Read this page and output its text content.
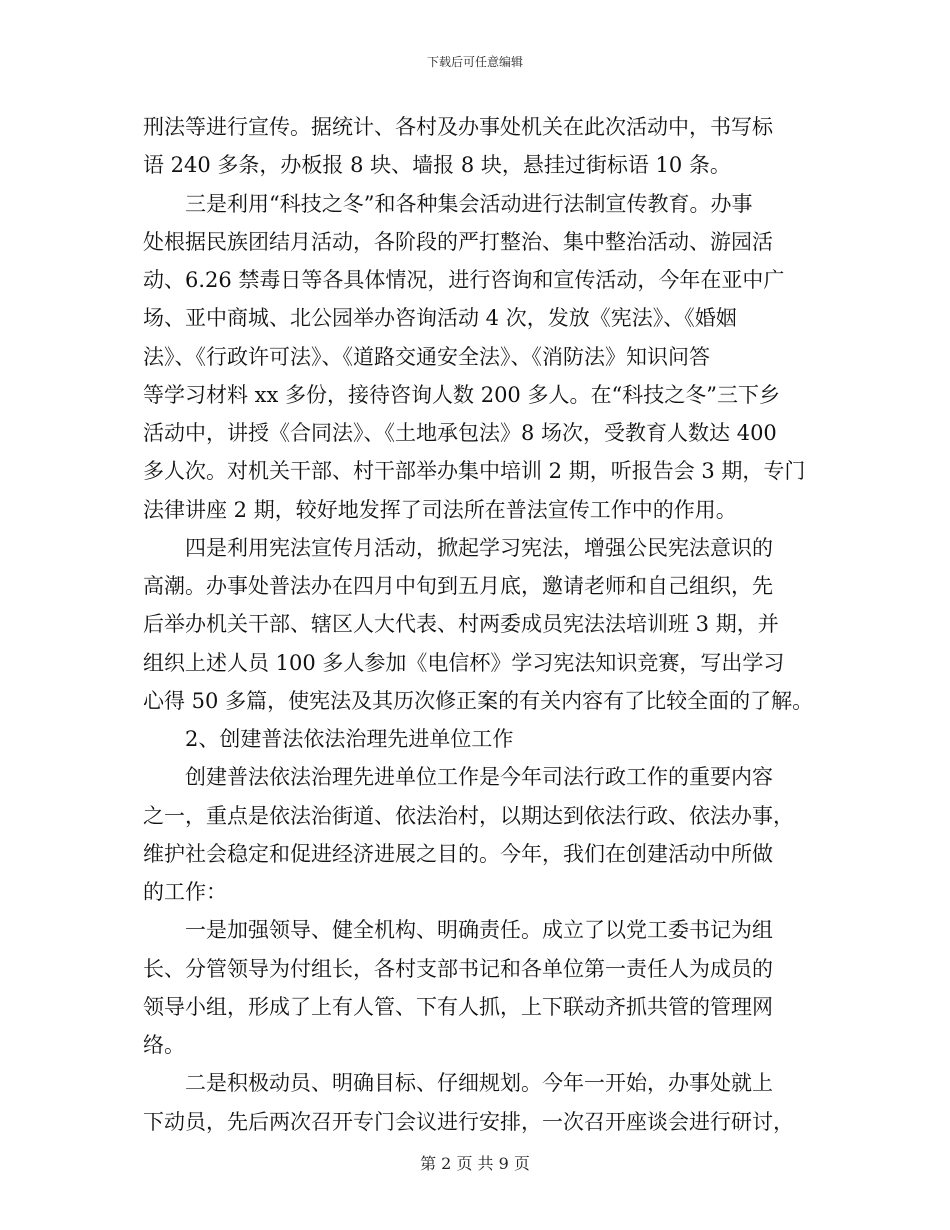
下载后可任意编辑
刑法等进行宣传。据统计、各村及办事处机关在此次活动中，书写标
语 240 多条，办板报 8 块、墙报 8 块，悬挂过街标语 10 条。
三是利用“科技之冬”和各种集会活动进行法制宣传教育。办事
处根据民族团结月活动，各阶段的严打整治、集中整治活动、游园活
动、6.26 禁毒日等各具体情况，进行咨询和宣传活动，今年在亚中广
场、亚中商城、北公园举办咨询活动 4 次，发放《宪法》、《婚姻
法》、《行政许可法》、《道路交通安全法》、《消防法》知识问答
等学习材料 xx 多份，接待咨询人数 200 多人。在“科技之冬”三下乡
活动中，讲授《合同法》、《土地承包法》8 场次，受教育人数达 400
多人次。对机关干部、村干部举办集中培训 2 期，听报告会 3 期，专门
法律讲座 2 期，较好地发挥了司法所在普法宣传工作中的作用。
四是利用宪法宣传月活动，掀起学习宪法，增强公民宪法意识的
高潮。办事处普法办在四月中旬到五月底，邀请老师和自己组织，先
后举办机关干部、辖区人大代表、村两委成员宪法法培训班 3 期，并
组织上述人员 100 多人参加《电信杯》学习宪法知识竞赛，写出学习
心得 50 多篇，使宪法及其历次修正案的有关内容有了比较全面的了解。
2、创建普法依法治理先进单位工作
创建普法依法治理先进单位工作是今年司法行政工作的重要内容
之一，重点是依法治街道、依法治村，以期达到依法行政、依法办事，
维护社会稳定和促进经济进展之目的。今年，我们在创建活动中所做
的工作：
一是加强领导、健全机构、明确责任。成立了以党工委书记为组
长、分管领导为付组长，各村支部书记和各单位第一责任人为成员的
领导小组，形成了上有人管、下有人抓，上下联动齐抓共管的管理网
络。
二是积极动员、明确目标、仔细规划。今年一开始，办事处就上
下动员，先后两次召开专门会议进行安排，一次召开座谈会进行研讨，
第 2 页 共 9 页
